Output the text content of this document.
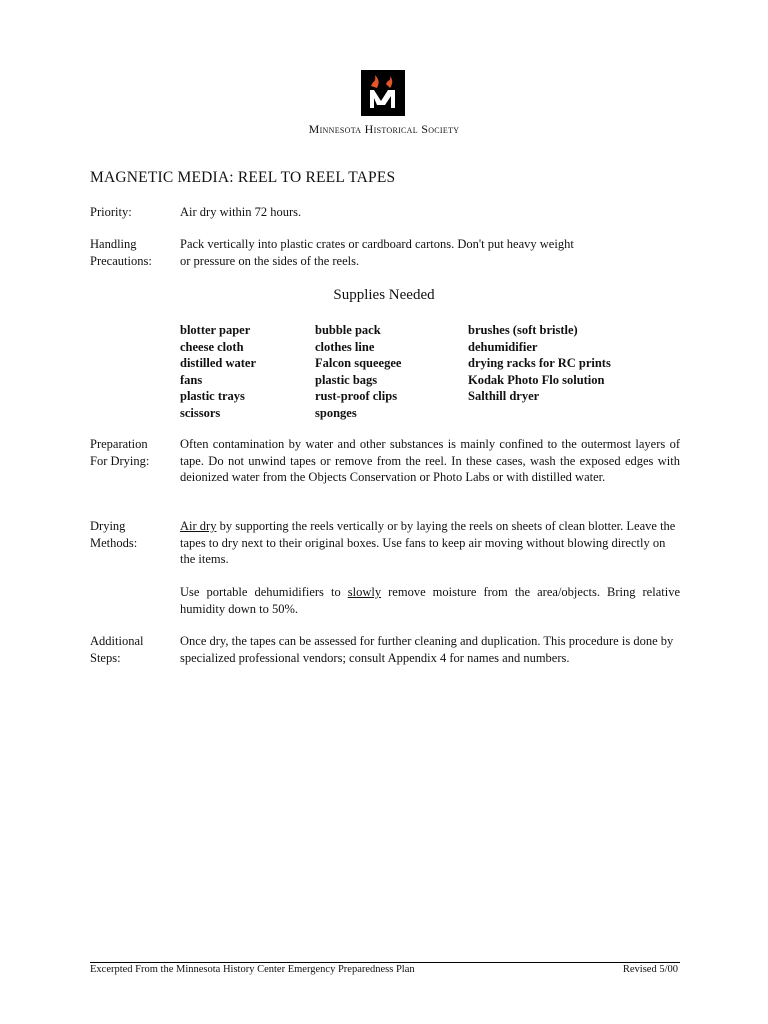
Minnesota Historical Society
MAGNETIC MEDIA: REEL TO REEL TAPES
Priority:	Air dry within 72 hours.
Handling
Precautions:
Pack vertically into plastic crates or cardboard cartons. Don't put heavy weight
or pressure on the sides of the reels.
Supplies Needed
blotter paper
cheese cloth
distilled water
fans
plastic trays
scissors
bubble pack
clothes line
Falcon squeegee
plastic bags
rust-proof clips
sponges
brushes (soft bristle)
dehumidifier
drying racks for RC prints
Kodak Photo Flo solution
Salthill dryer
Preparation
For Drying:
Often contamination by water and other substances is mainly confined to the outermost layers of tape. Do not unwind tapes or remove from the reel. In these cases, wash the exposed edges with deionized water from the Objects Conservation or Photo Labs or with distilled water.
Drying
Methods:
Air dry by supporting the reels vertically or by laying the reels on sheets of clean blotter. Leave the tapes to dry next to their original boxes. Use fans to keep air moving without blowing directly on the items.
Use portable dehumidifiers to slowly remove moisture from the area/objects. Bring relative humidity down to 50%.
Additional
Steps:
Once dry, the tapes can be assessed for further cleaning and duplication. This procedure is done by specialized professional vendors; consult Appendix 4 for names and numbers.
Excerpted From the Minnesota History Center Emergency Preparedness Plan	Revised 5/00
